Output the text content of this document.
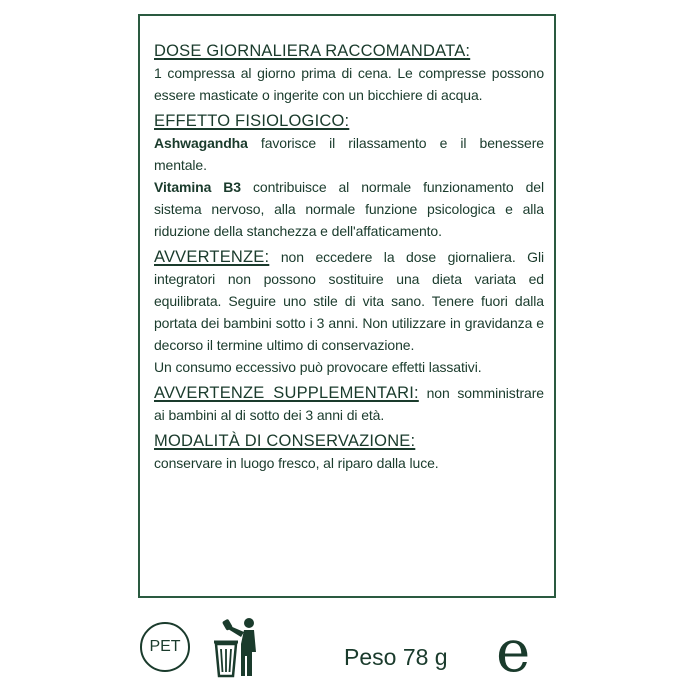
DOSE GIORNALIERA RACCOMANDATA:

1 compressa al giorno prima di cena. Le compresse possono essere masticate o ingerite con un bicchiere di acqua.

EFFETTO FISIOLOGICO:

Ashwagandha favorisce il rilassamento e il benessere mentale.

Vitamina B3 contribuisce al normale funzionamento del sistema nervoso, alla normale funzione psicologica e alla riduzione della stanchezza e dell'affaticamento.

AVVERTENZE: non eccedere la dose giornaliera. Gli integratori non possono sostituire una dieta variata ed equilibrata. Seguire uno stile di vita sano. Tenere fuori dalla portata dei bambini sotto i 3 anni. Non utilizzare in gravidanza e decorso il termine ultimo di conservazione.

Un consumo eccessivo può provocare effetti lassativi.

AVVERTENZE SUPPLEMENTARI: non somministrare ai bambini al di sotto dei 3 anni di età.

MODALITÀ DI CONSERVAZIONE:

conservare in luogo fresco, al riparo dalla luce.

PET	Peso 78 g e
